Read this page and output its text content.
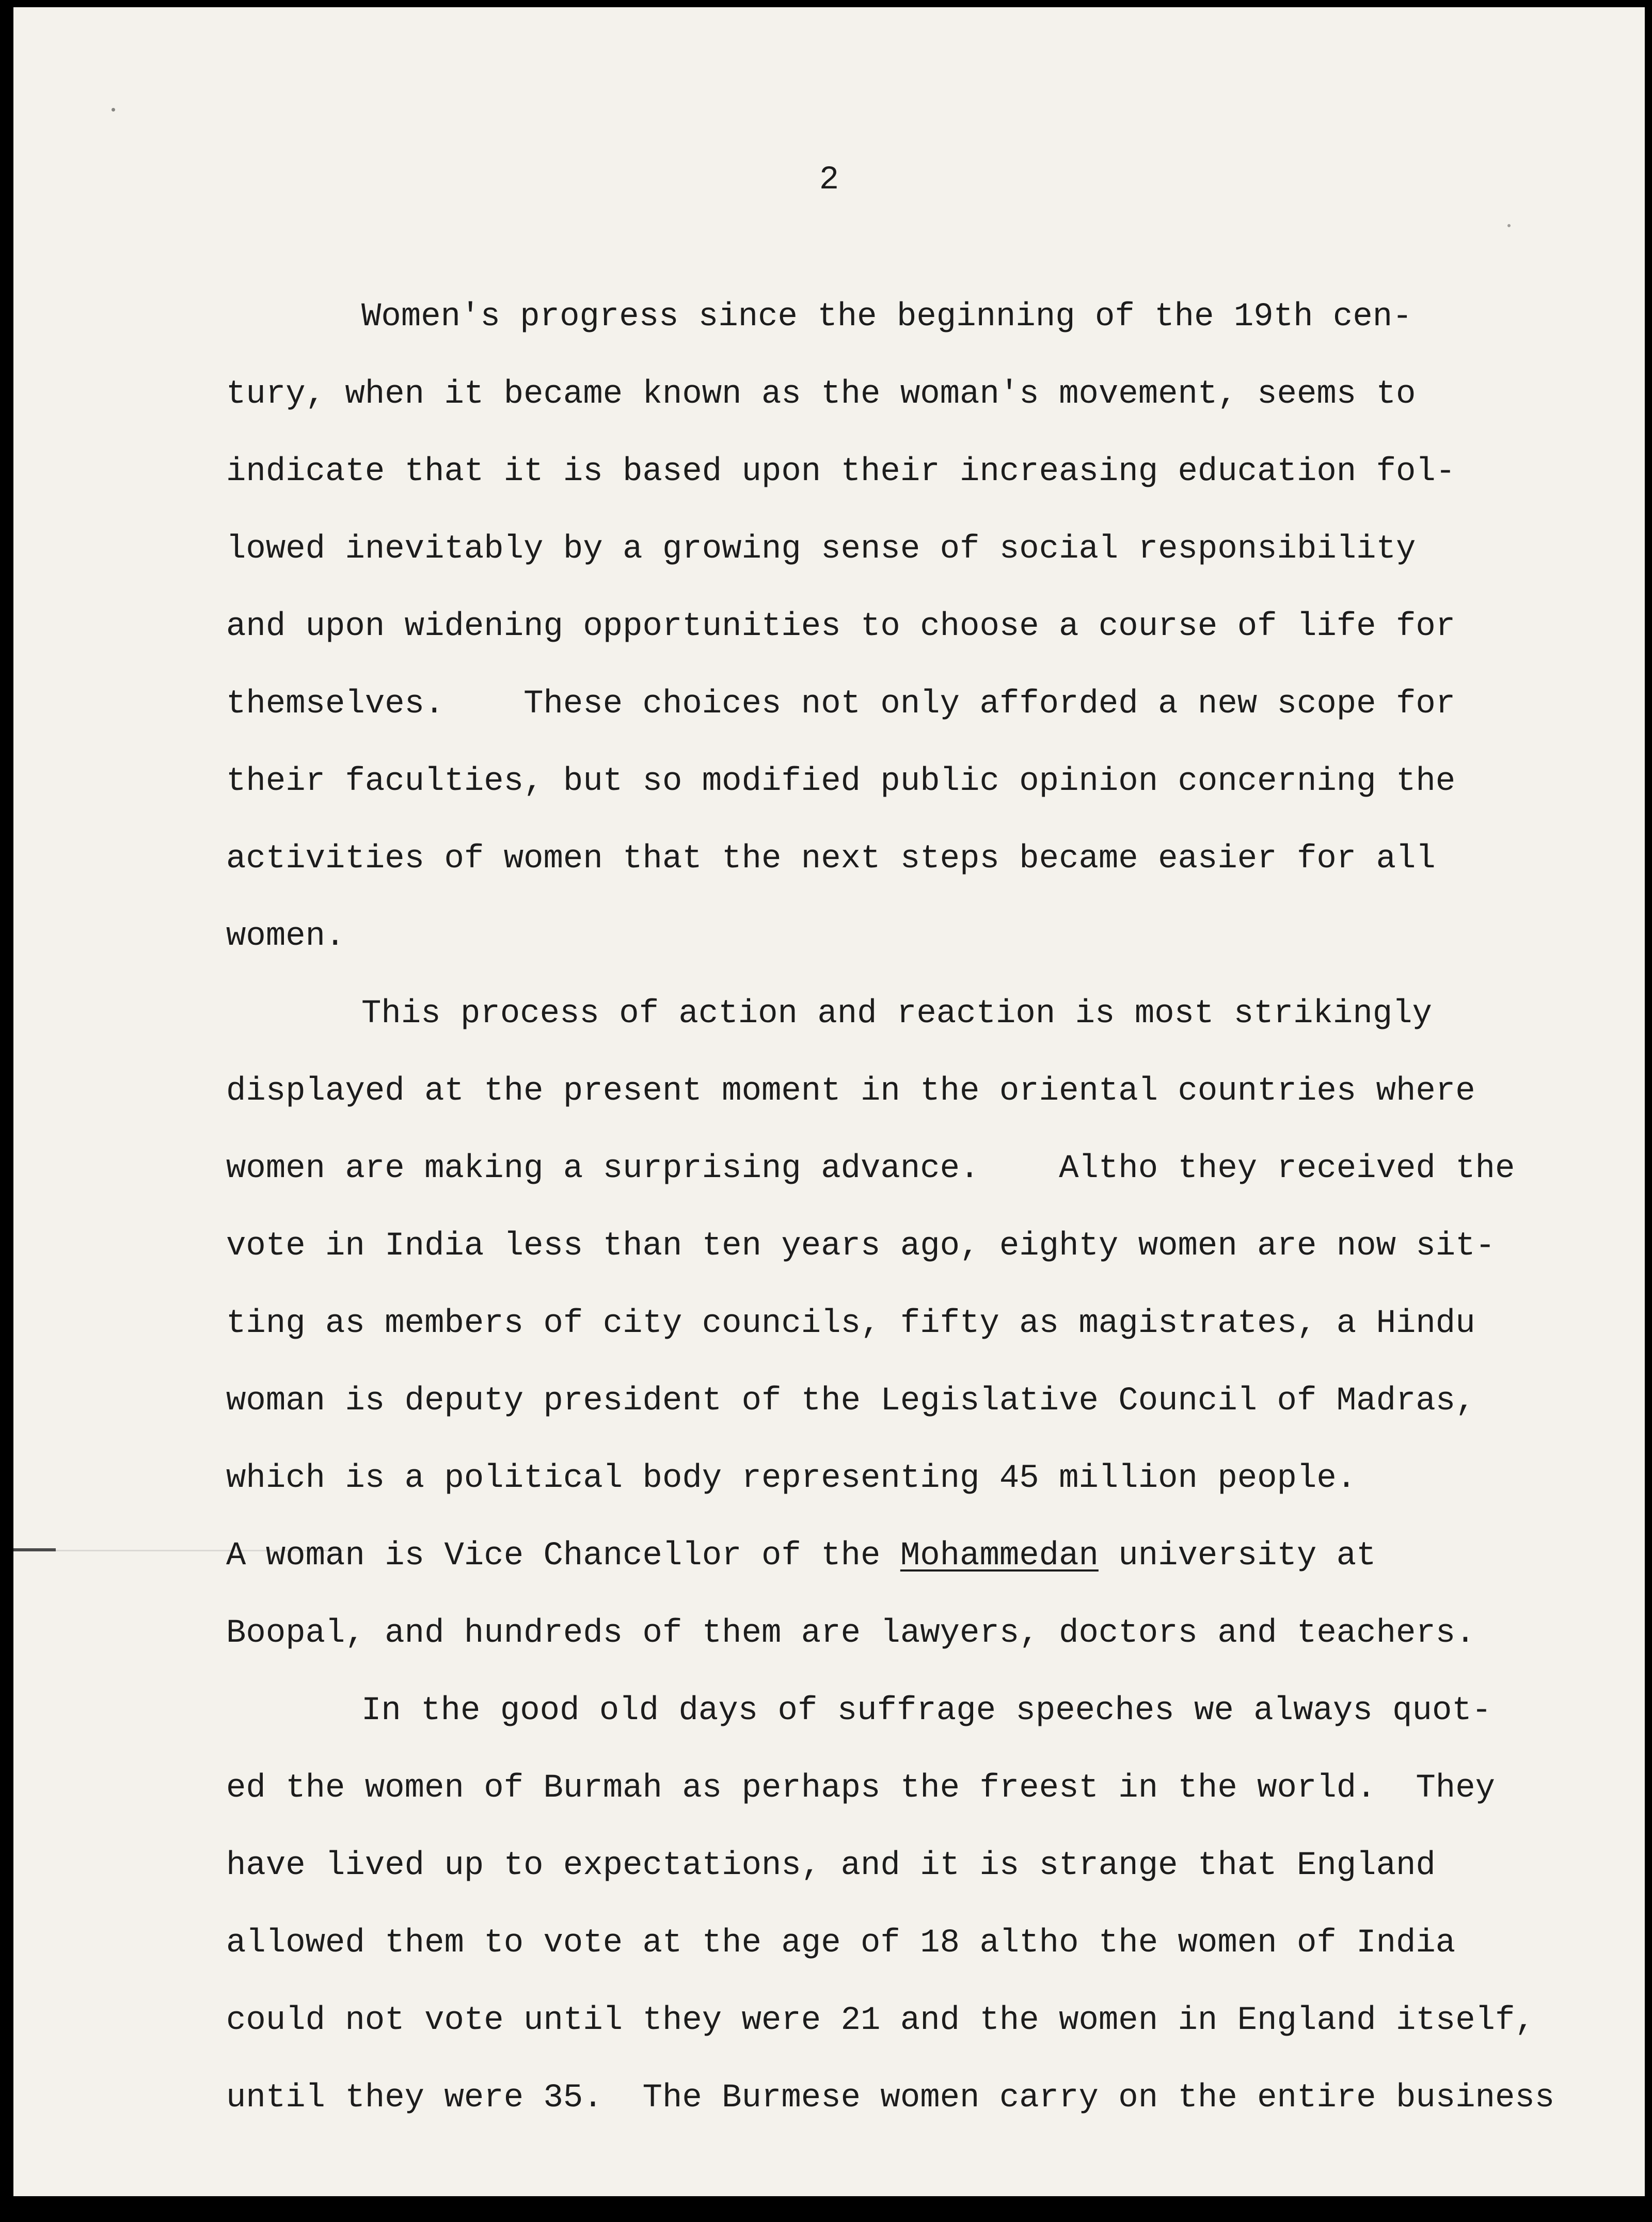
2
Women's progress since the beginning of the 19th cen-
tury, when it became known as the woman's movement, seems to
indicate that it is based upon their increasing education fol-
lowed inevitably by a growing sense of social responsibility
and upon widening opportunities to choose a course of life for
themselves.    These choices not only afforded a new scope for
their faculties, but so modified public opinion concerning the
activities of women that the next steps became easier for all
women.
This process of action and reaction is most strikingly
displayed at the present moment in the oriental countries where
women are making a surprising advance.    Altho they received the
vote in India less than ten years ago, eighty women are now sit-
ting as members of city councils, fifty as magistrates, a Hindu
woman is deputy president of the Legislative Council of Madras,
which is a political body representing 45 million people.
A woman is Vice Chancellor of the Mohammedan university at
Boopal, and hundreds of them are lawyers, doctors and teachers.
In the good old days of suffrage speeches we always quot-
ed the women of Burmah as perhaps the freest in the world.  They
have lived up to expectations, and it is strange that England
allowed them to vote at the age of 18 altho the women of India
could not vote until they were 21 and the women in England itself,
until they were 35.  The Burmese women carry on the entire business
